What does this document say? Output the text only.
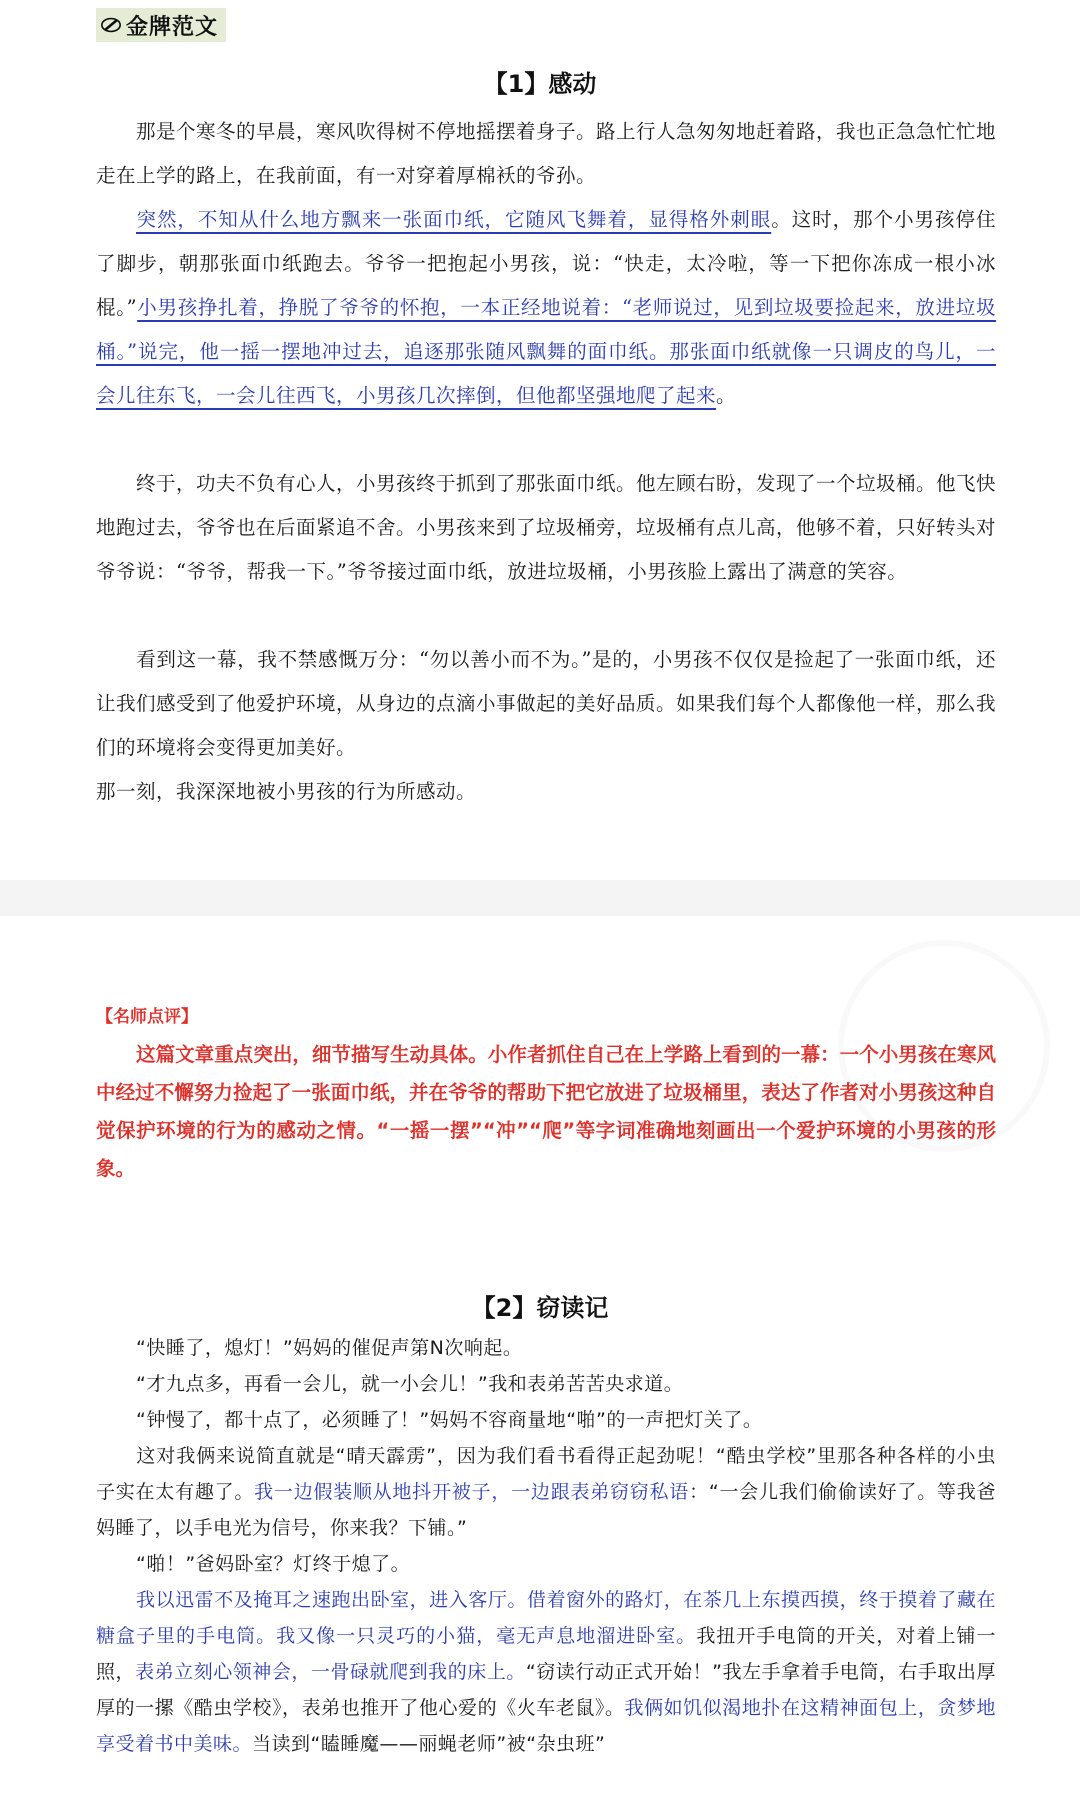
金牌范文
【1】感动
那是个寒冬的早晨，寒风吹得树不停地摇摆着身子。路上行人急匆匆地赶着路，我也正急急忙忙地走在上学的路上，在我前面，有一对穿着厚棉袄的爷孙。
突然，不知从什么地方飘来一张面巾纸，它随风飞舞着，显得格外刺眼。这时，那个小男孩停住了脚步，朝那张面巾纸跑去。爷爷一把抱起小男孩，说：“快走，太冷啦，等一下把你冻成一根小冰棍。”小男孩挣扎着，挣脱了爷爷的怀抱，一本正经地说着：“老师说过，见到垃圾要捡起来，放进垃圾桶。”说完，他一摇一摆地冲过去，追逐那张随风飘舞的面巾纸。那张面巾纸就像一只调皮的鸟儿，一会儿往东飞，一会儿往西飞，小男孩几次摔倒，但他都坚强地爬了起来。
终于，功夫不负有心人，小男孩终于抓到了那张面巾纸。他左顾右盼，发现了一个垃圾桶。他飞快地跑过去，爷爷也在后面紧追不舍。小男孩来到了垃圾桶旁，垃圾桶有点儿高，他够不着，只好转头对爷爷说：“爷爷，帮我一下。”爷爷接过面巾纸，放进垃圾桶，小男孩脸上露出了满意的笑容。
看到这一幕，我不禁感慨万分：“勿以善小而不为。”是的，小男孩不仅仅是捡起了一张面巾纸，还让我们感受到了他爱护环境，从身边的点滴小事做起的美好品质。如果我们每个人都像他一样，那么我们的环境将会变得更加美好。
那一刻，我深深地被小男孩的行为所感动。
【名师点评】
这篇文章重点突出，细节描写生动具体。小作者抓住自己在上学路上看到的一幕：一个小男孩在寒风中经过不懈努力捡起了一张面巾纸，并在爷爷的帮助下把它放进了垃圾桶里，表达了作者对小男孩这种自觉保护环境的行为的感动之情。“一摇一摆”“冲”“爬”等字词准确地刻画出一个爱护环境的小男孩的形象。
【2】窃读记
“快睡了，熄灯！”妈妈的催促声第N次响起。
“才九点多，再看一会儿，就一小会儿！”我和表弟苦苦央求道。
“钟慢了，都十点了，必须睡了！”妈妈不容商量地“啪”的一声把灯关了。
这对我俩来说简直就是“晴天霹雳”，因为我们看书看得正起劲呢！“酷虫学校”里那各种各样的小虫子实在太有趣了。我一边假装顺从地抖开被子，一边跟表弟窃窃私语：“一会儿我们偷偷读好了。等我爸妈睡了，以手电光为信号，你来我？下铺。”
“啪！”爸妈卧室？灯终于熄了。
我以迅雷不及掩耳之速跑出卧室，进入客厅。借着窗外的路灯，在茶几上东摸西摸，终于摸着了藏在糖盒子里的手电筒。我又像一只灵巧的小猫，毫无声息地溜进卧室。我扭开手电筒的开关，对着上铺一照，表弟立刻心领神会，一骨碌就爬到我的床上。“窃读行动正式开始！”我左手拿着手电筒，右手取出厚厚的一摞《酷虫学校》，表弟也推开了他心爱的《火车老鼠》。我俩如饥似渴地扑在这精神面包上，贪梦地享受着书中美味。当读到“瞌睡魔——丽蝇老师”被“杂虫班”
